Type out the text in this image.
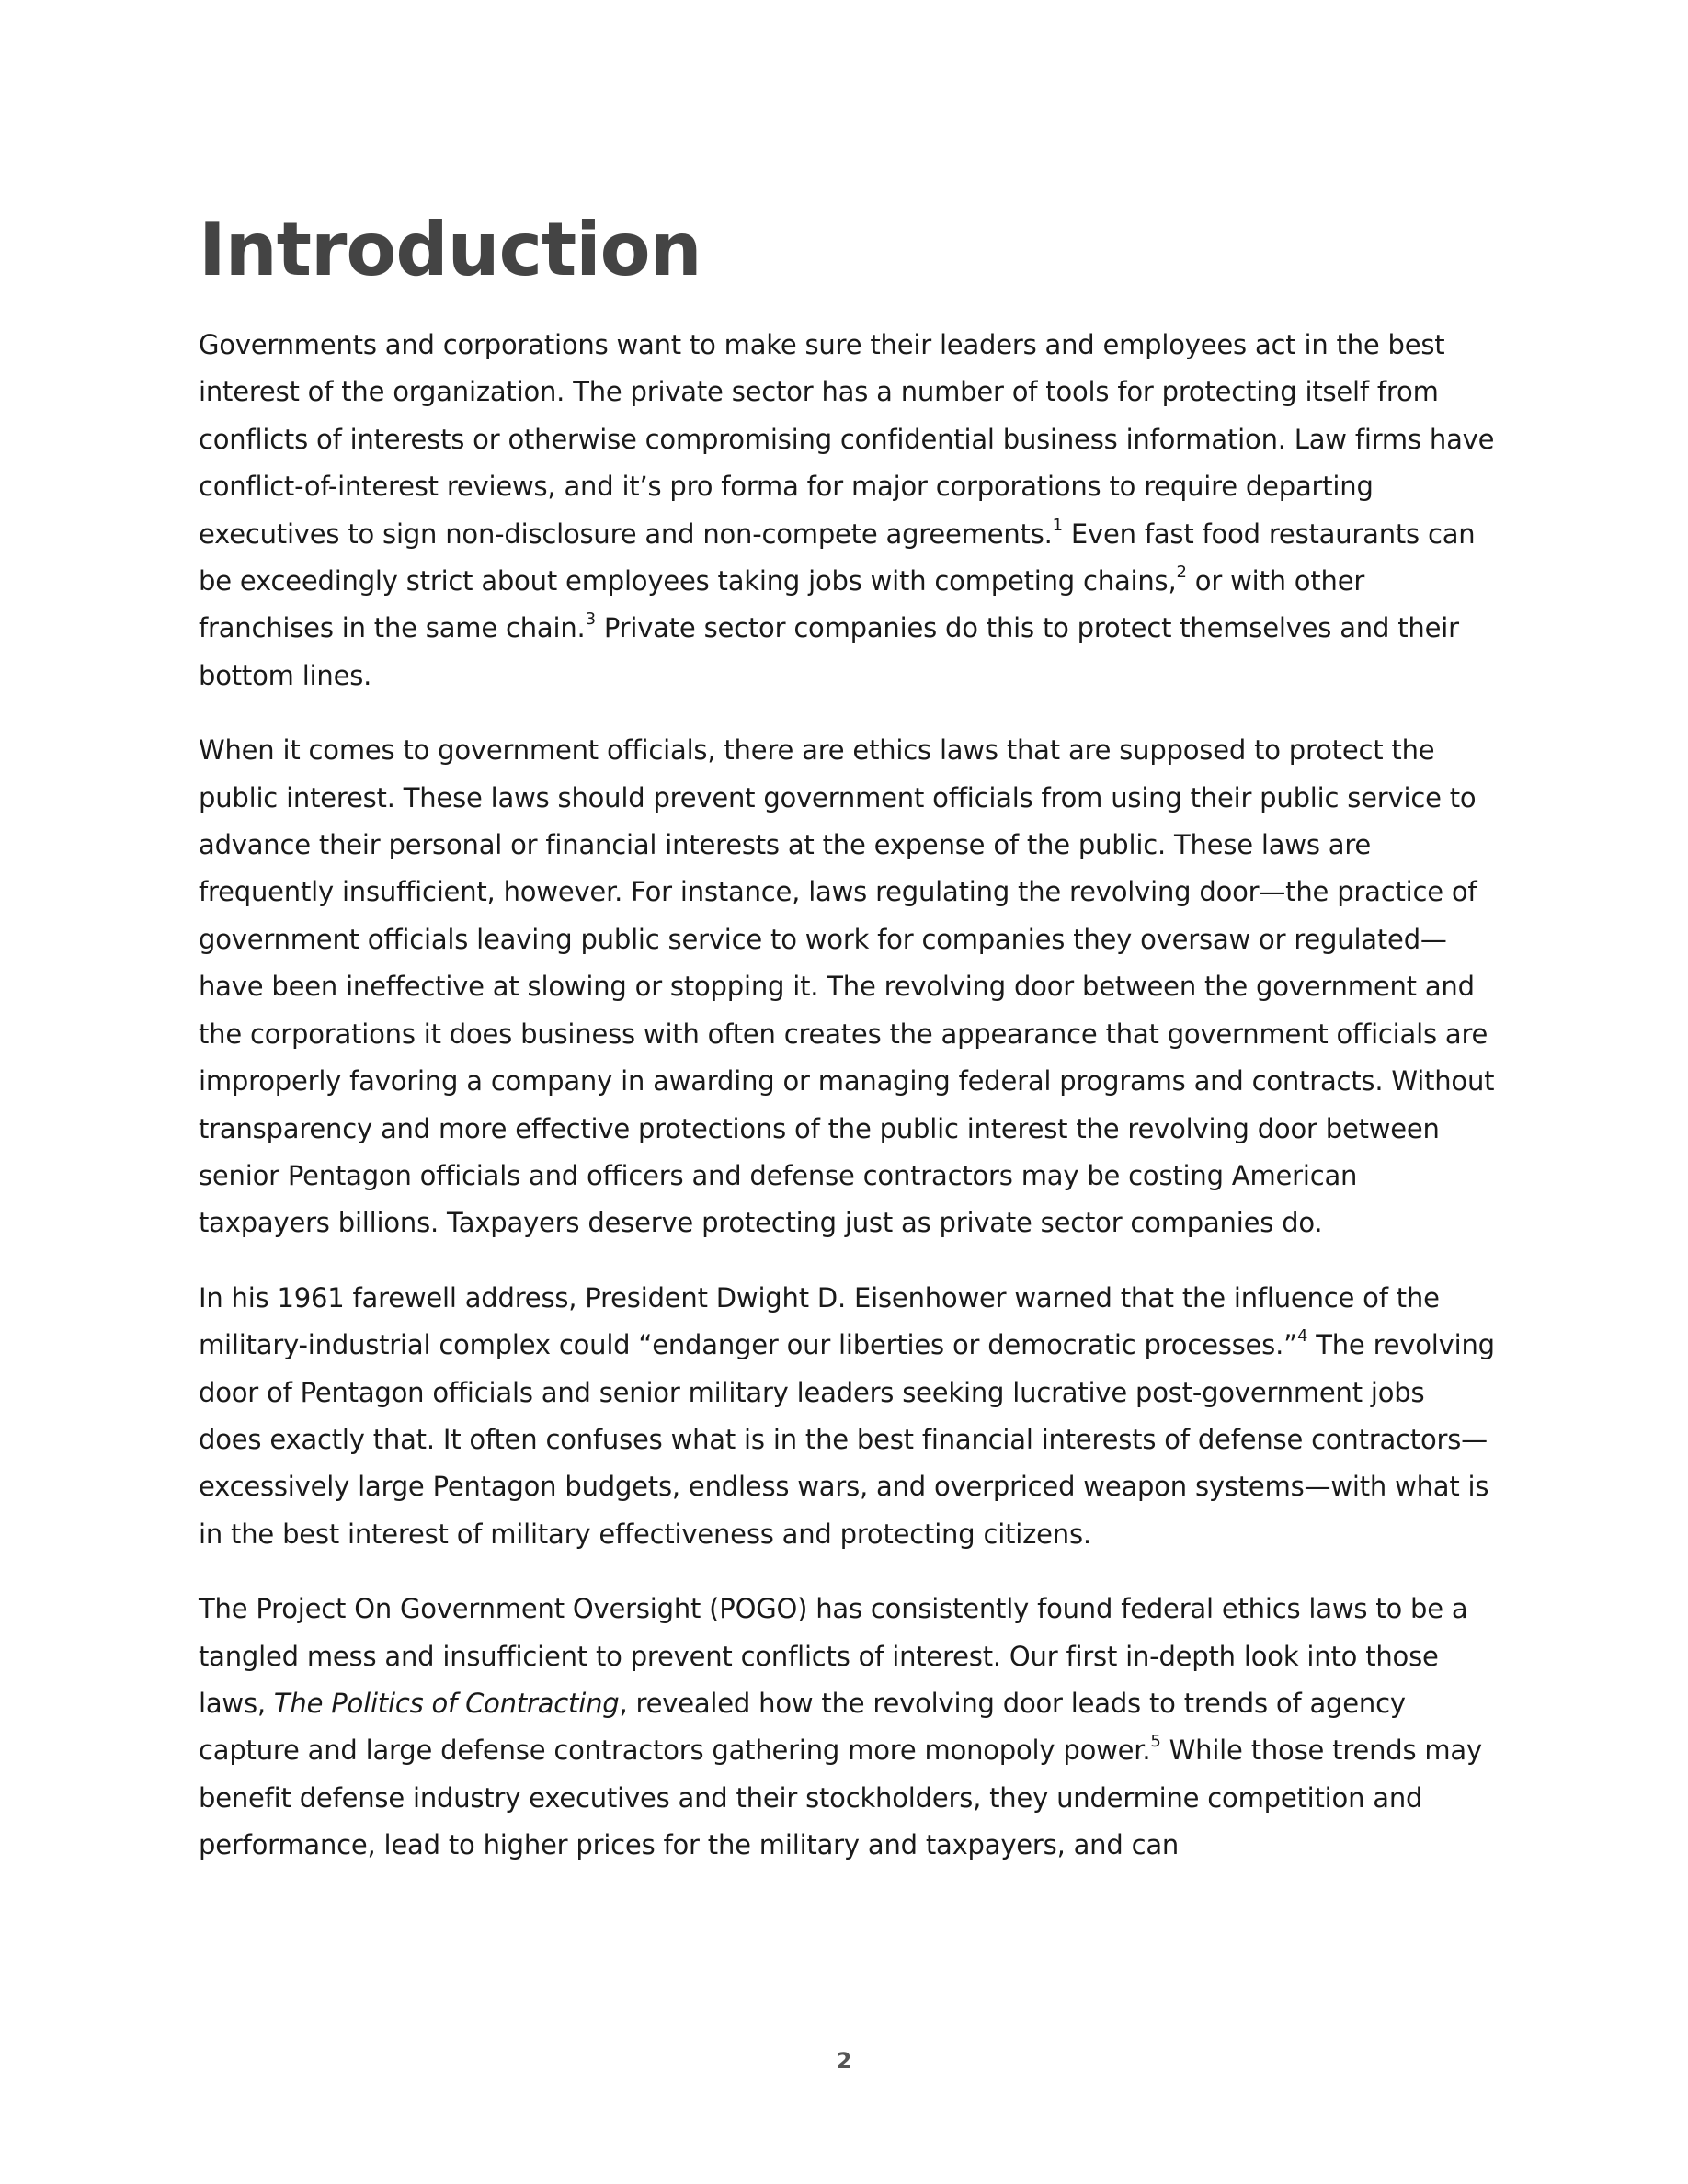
Introduction

Governments and corporations want to make sure their leaders and employees act in the best interest of the organization. The private sector has a number of tools for protecting itself from conflicts of interests or otherwise compromising confidential business information. Law firms have conflict-of-interest reviews, and it’s pro forma for major corporations to require departing executives to sign non-disclosure and non-compete agreements.$^1$ Even fast food restaurants can be exceedingly strict about employees taking jobs with competing chains,$^2$ or with other franchises in the same chain.$^3$ Private sector companies do this to protect themselves and their bottom lines.

When it comes to government officials, there are ethics laws that are supposed to protect the public interest. These laws should prevent government officials from using their public service to advance their personal or financial interests at the expense of the public. These laws are frequently insufficient, however. For instance, laws regulating the revolving door—the practice of government officials leaving public service to work for companies they oversaw or regulated—have been ineffective at slowing or stopping it. The revolving door between the government and the corporations it does business with often creates the appearance that government officials are improperly favoring a company in awarding or managing federal programs and contracts. Without transparency and more effective protections of the public interest the revolving door between senior Pentagon officials and officers and defense contractors may be costing American taxpayers billions. Taxpayers deserve protecting just as private sector companies do.

In his 1961 farewell address, President Dwight D. Eisenhower warned that the influence of the military-industrial complex could “endanger our liberties or democratic processes.”$^4$ The revolving door of Pentagon officials and senior military leaders seeking lucrative post-government jobs does exactly that. It often confuses what is in the best financial interests of defense contractors—excessively large Pentagon budgets, endless wars, and overpriced weapon systems—with what is in the best interest of military effectiveness and protecting citizens.

The Project On Government Oversight (POGO) has consistently found federal ethics laws to be a tangled mess and insufficient to prevent conflicts of interest. Our first in-depth look into those laws, The Politics of Contracting, revealed how the revolving door leads to trends of agency capture and large defense contractors gathering more monopoly power.$^5$ While those trends may benefit defense industry executives and their stockholders, they undermine competition and performance, lead to higher prices for the military and taxpayers, and can

2
